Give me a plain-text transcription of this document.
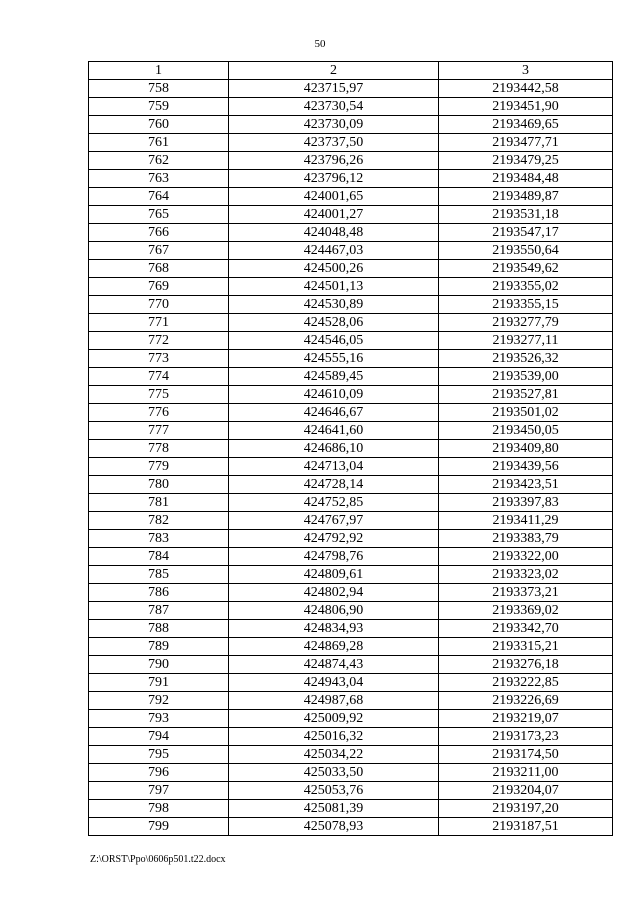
50
1	2	3
758	423715,97	2193442,58
759	423730,54	2193451,90
760	423730,09	2193469,65
761	423737,50	2193477,71
762	423796,26	2193479,25
763	423796,12	2193484,48
764	424001,65	2193489,87
765	424001,27	2193531,18
766	424048,48	2193547,17
767	424467,03	2193550,64
768	424500,26	2193549,62
769	424501,13	2193355,02
770	424530,89	2193355,15
771	424528,06	2193277,79
772	424546,05	2193277,11
773	424555,16	2193526,32
774	424589,45	2193539,00
775	424610,09	2193527,81
776	424646,67	2193501,02
777	424641,60	2193450,05
778	424686,10	2193409,80
779	424713,04	2193439,56
780	424728,14	2193423,51
781	424752,85	2193397,83
782	424767,97	2193411,29
783	424792,92	2193383,79
784	424798,76	2193322,00
785	424809,61	2193323,02
786	424802,94	2193373,21
787	424806,90	2193369,02
788	424834,93	2193342,70
789	424869,28	2193315,21
790	424874,43	2193276,18
791	424943,04	2193222,85
792	424987,68	2193226,69
793	425009,92	2193219,07
794	425016,32	2193173,23
795	425034,22	2193174,50
796	425033,50	2193211,00
797	425053,76	2193204,07
798	425081,39	2193197,20
799	425078,93	2193187,51
Z:\ORST\Ppo\0606p501.t22.docx
